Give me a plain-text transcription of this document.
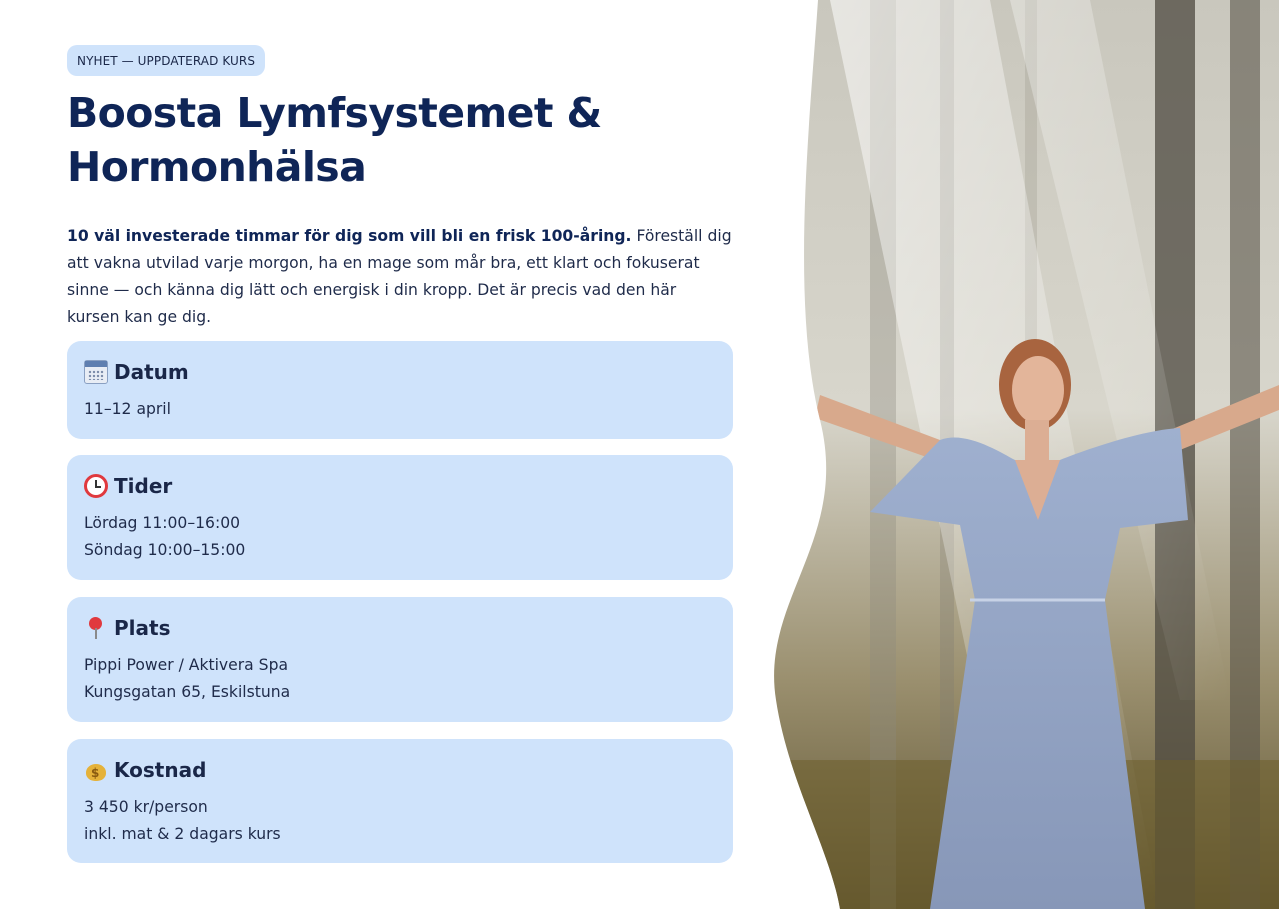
NYHET — UPPDATERAD KURS
Boosta Lymfsystemet & Hormonhälsa

10 väl investerade timmar för dig som vill bli en frisk 100-åring. Föreställ dig att vakna utvilad varje morgon, ha en mage som mår bra, ett klart och fokuserat sinne — och känna dig lätt och energisk i din kropp. Det är precis vad den här kursen kan ge dig.

Datum
11–12 april
Tider
Lördag 11:00–16:00
Söndag 10:00–15:00
Plats
Pippi Power / Aktivera Spa
Kungsgatan 65, Eskilstuna
$
Kostnad
3 450 kr/person
inkl. mat & 2 dagars kurs
